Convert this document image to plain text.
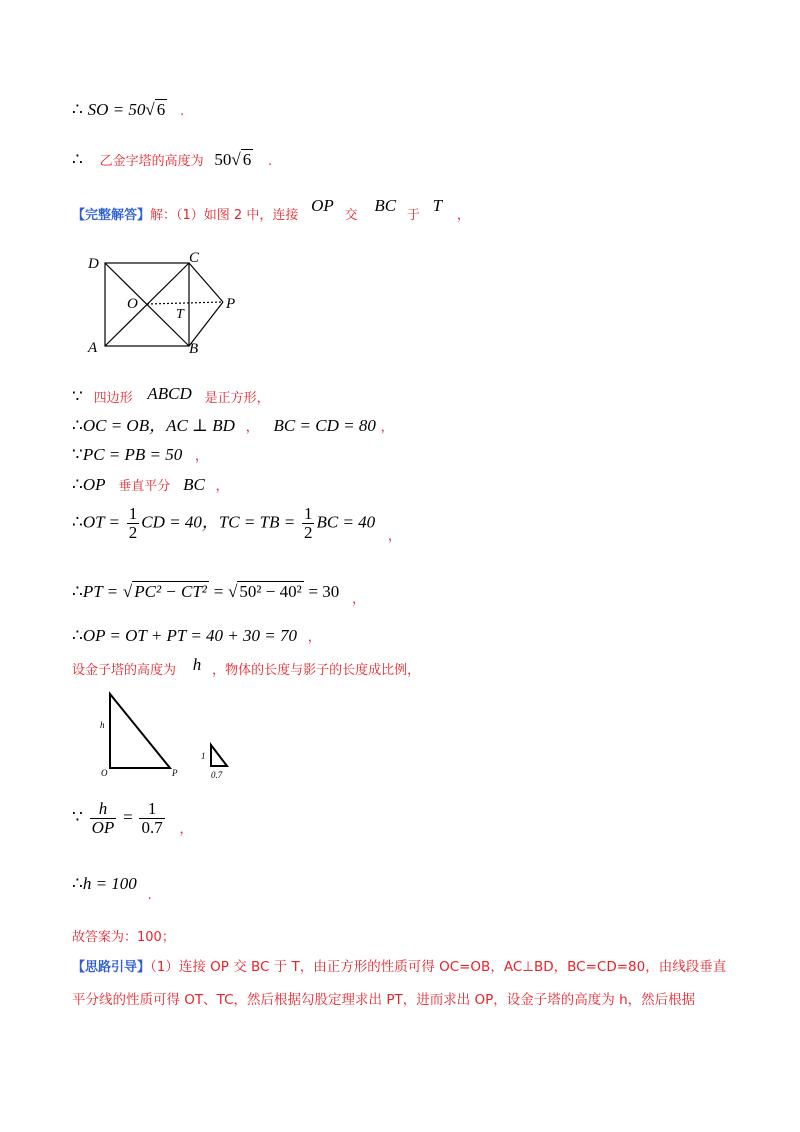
∴ SO = 50√ 6 .
∴ 乙金字塔的高度为 50√ 6 .
【完整解答】解：（1）如图 2 中，连接 OP 交 BC 于 T ，
D	C
O
T
P
A	B
∵ 四边形 ABCD 是正方形，
∴OC = OB，AC ⊥ BD ， BC = CD = 80 ，
∵PC = PB = 50 ，
∴OP 垂直平分 BC ，
∴OT = $\frac{1}{2}$ CD = 40，TC = TB = $\frac{1}{2}$ BC = 40 ，
∴PT = √ PC² − CT² = √ 50² − 40² = 30 ，
∴OP = OT + PT = 40 + 30 = 70 ，
设金子塔的高度为 h ，物体的长度与影子的长度成比例，
h
O	P
1
0.7
∵ $\frac{h}{OP} = \frac{1}{0.7}$ ，
∴h = 100 .
故答案为：100；
【思路引导】（1）连接 OP 交 BC 于 T，由正方形的性质可得 OC=OB，AC⊥BD，BC=CD=80，由线段垂直平分线的性质可得 OT、TC，然后根据勾股定理求出 PT，进而求出 OP，设金子塔的高度为 h，然后根据
